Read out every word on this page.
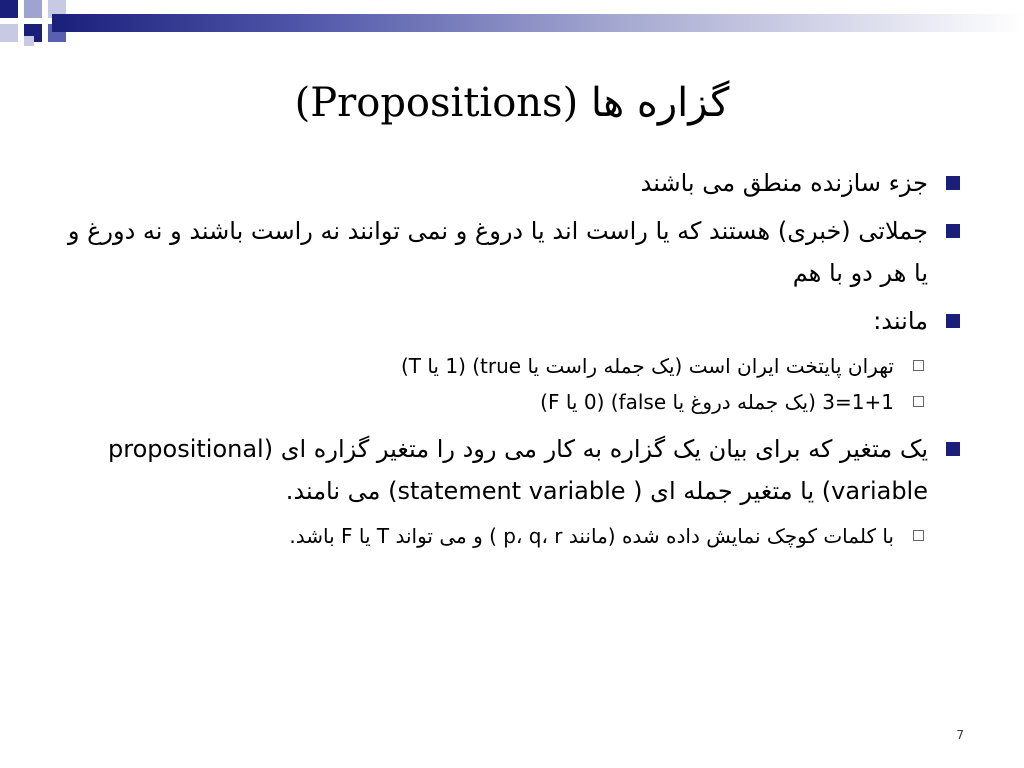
گزاره ها (Propositions)
جزء سازنده منطق می باشند
جملاتی (خبری) هستند که یا راست اند یا دروغ و نمی توانند نه راست باشند و نه دورغ و یا هر دو با هم
مانند:
تهران پایتخت ایران است (یک جمله راست یا true) (1 یا T)
1+1=3 (یک جمله دروغ یا false) (0 یا F)
یک متغیر که برای بیان یک گزاره به کار می رود را متغیر گزاره ای (propositional variable) یا متغیر جمله ای ( statement variable) می نامند.
با کلمات کوچک نمایش داده شده (مانند p، q، r ) و می تواند T یا F باشد.
7
